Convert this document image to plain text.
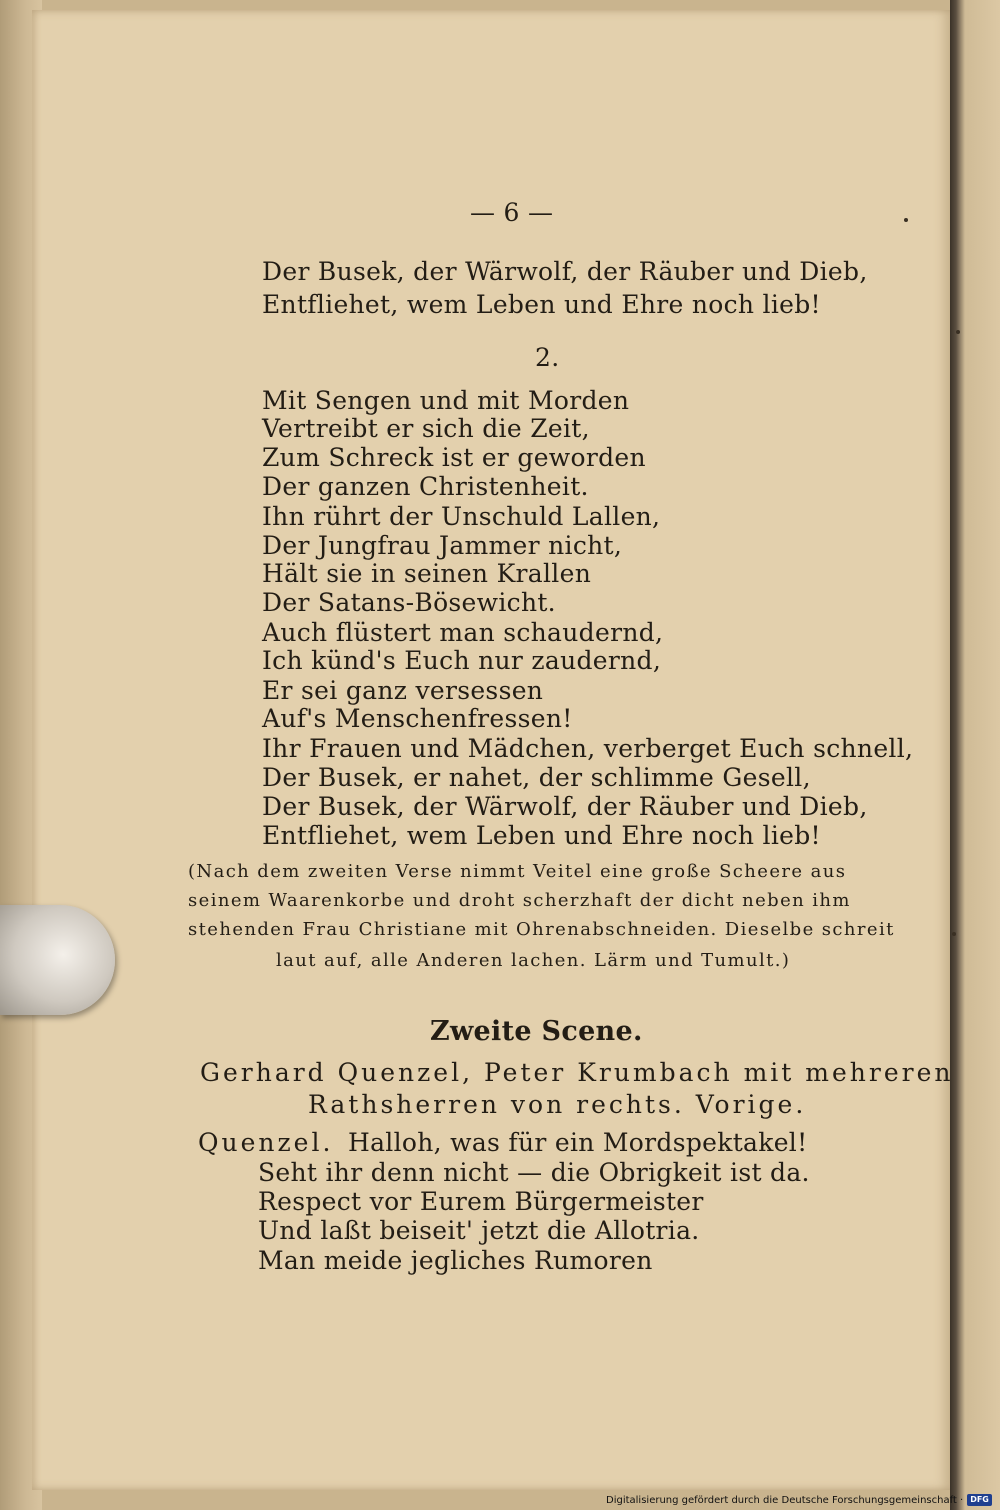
— 6 —
Der Busek, der Wärwolf, der Räuber und Dieb,
Entfliehet, wem Leben und Ehre noch lieb!
2.
Mit Sengen und mit Morden
Vertreibt er sich die Zeit,
Zum Schreck ist er geworden
Der ganzen Christenheit.
Ihn rührt der Unschuld Lallen,
Der Jungfrau Jammer nicht,
Hält sie in seinen Krallen
Der Satans-Bösewicht.
Auch flüstert man schaudernd,
Ich künd's Euch nur zaudernd,
Er sei ganz versessen
Auf's Menschenfressen!
Ihr Frauen und Mädchen, verberget Euch schnell,
Der Busek, er nahet, der schlimme Gesell,
Der Busek, der Wärwolf, der Räuber und Dieb,
Entfliehet, wem Leben und Ehre noch lieb!
(Nach dem zweiten Verse nimmt Veitel eine große Scheere aus
seinem Waarenkorbe und droht scherzhaft der dicht neben ihm
stehenden Frau Christiane mit Ohrenabschneiden. Dieselbe schreit
laut auf, alle Anderen lachen. Lärm und Tumult.)
Zweite Scene.
Gerhard Quenzel, Peter Krumbach mit mehreren
Rathsherren von rechts. Vorige.
Quenzel. Halloh, was für ein Mordspektakel!
Seht ihr denn nicht — die Obrigkeit ist da.
Respect vor Eurem Bürgermeister
Und laßt beiseit' jetzt die Allotria.
Man meide jegliches Rumoren
Digitalisierung gefördert durch die Deutsche Forschungsgemeinschaft · DFG
